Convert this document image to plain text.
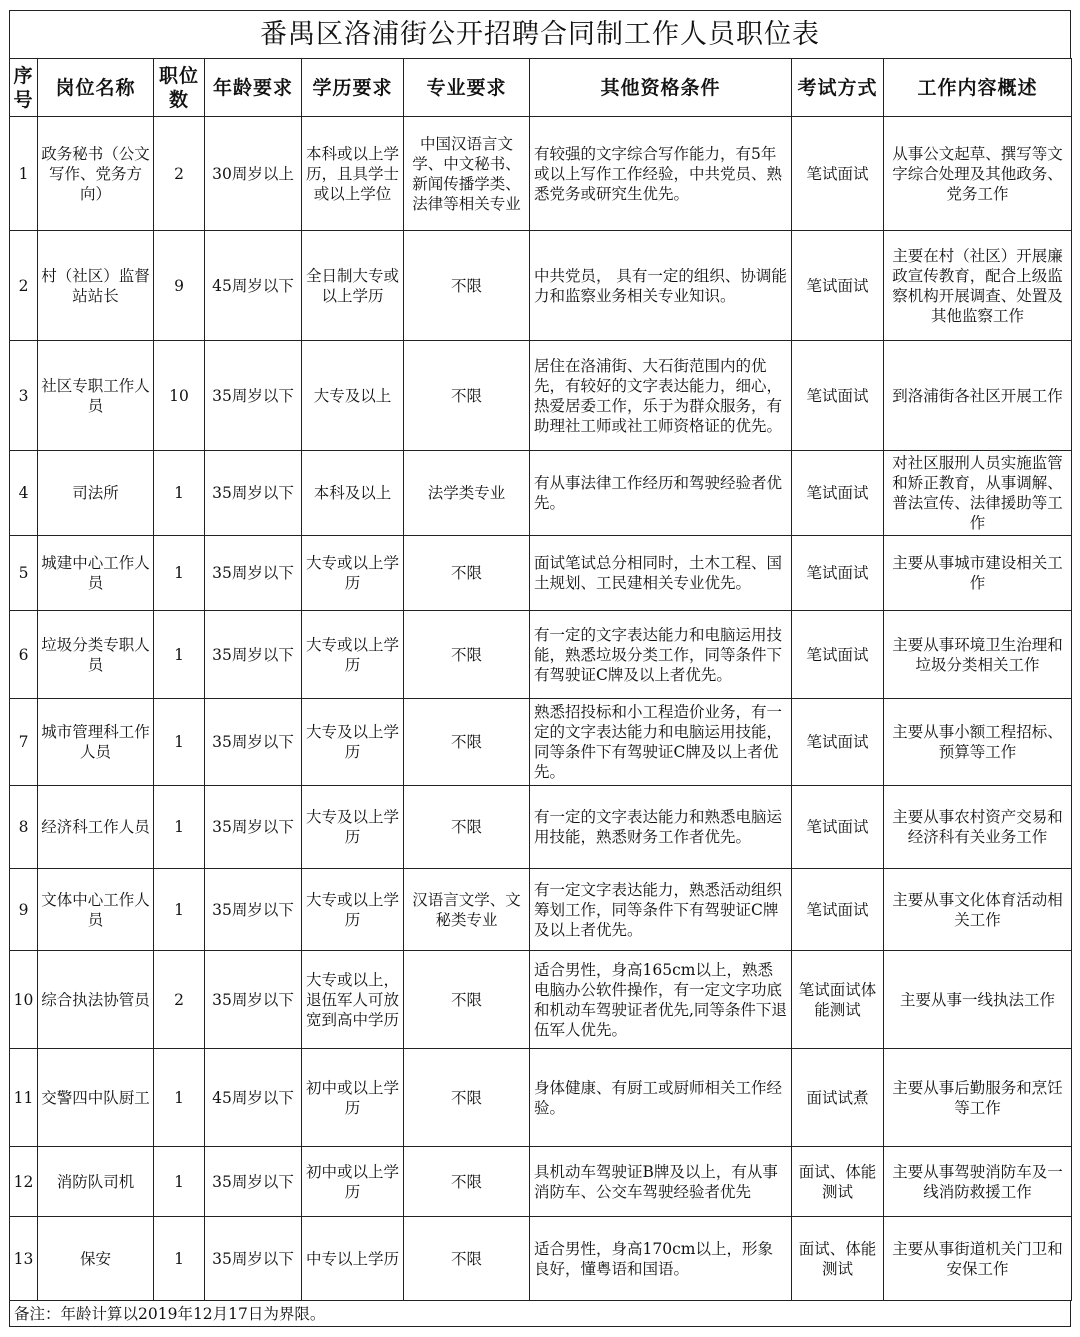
番禺区洛浦街公开招聘合同制工作人员职位表
序号	岗位名称	职位数	年龄要求	学历要求	专业要求	其他资格条件	考试方式	工作内容概述
1	政务秘书（公文写作、党务方向）	2	30周岁以上	本科或以上学历，且具学士或以上学位	中国汉语言文学、中文秘书、新闻传播学类、法律等相关专业	有较强的文字综合写作能力，有5年或以上写作工作经验，中共党员、熟悉党务或研究生优先。	笔试面试	从事公文起草、撰写等文字综合处理及其他政务、党务工作
2	村（社区）监督站站长	9	45周岁以下	全日制大专或以上学历	不限	中共党员， 具有一定的组织、协调能力和监察业务相关专业知识。	笔试面试	主要在村（社区）开展廉政宣传教育，配合上级监察机构开展调查、处置及其他监察工作
3	社区专职工作人员	10	35周岁以下	大专及以上	不限	居住在洛浦街、大石街范围内的优先，有较好的文字表达能力，细心，热爱居委工作，乐于为群众服务，有助理社工师或社工师资格证的优先。	笔试面试	到洛浦街各社区开展工作
4	司法所	1	35周岁以下	本科及以上	法学类专业	有从事法律工作经历和驾驶经验者优先。	笔试面试	对社区服刑人员实施监管和矫正教育，从事调解、普法宣传、法律援助等工作
5	城建中心工作人员	1	35周岁以下	大专或以上学历	不限	面试笔试总分相同时，土木工程、国土规划、工民建相关专业优先。	笔试面试	主要从事城市建设相关工作
6	垃圾分类专职人员	1	35周岁以下	大专或以上学历	不限	有一定的文字表达能力和电脑运用技能，熟悉垃圾分类工作，同等条件下有驾驶证C牌及以上者优先。	笔试面试	主要从事环境卫生治理和垃圾分类相关工作
7	城市管理科工作人员	1	35周岁以下	大专及以上学历	不限	熟悉招投标和小工程造价业务，有一定的文字表达能力和电脑运用技能，同等条件下有驾驶证C牌及以上者优先。	笔试面试	主要从事小额工程招标、预算等工作
8	经济科工作人员	1	35周岁以下	大专及以上学历	不限	有一定的文字表达能力和熟悉电脑运用技能，熟悉财务工作者优先。	笔试面试	主要从事农村资产交易和经济科有关业务工作
9	文体中心工作人员	1	35周岁以下	大专或以上学历	汉语言文学、文秘类专业	有一定文字表达能力，熟悉活动组织筹划工作，同等条件下有驾驶证C牌及以上者优先。	笔试面试	主要从事文化体育活动相关工作
10	综合执法协管员	2	35周岁以下	大专或以上，退伍军人可放宽到高中学历	不限	适合男性，身高165cm以上，熟悉电脑办公软件操作，有一定文字功底和机动车驾驶证者优先,同等条件下退伍军人优先。	笔试面试体能测试	主要从事一线执法工作
11	交警四中队厨工	1	45周岁以下	初中或以上学历	不限	身体健康、有厨工或厨师相关工作经验。	面试试煮	主要从事后勤服务和烹饪等工作
12	消防队司机	1	35周岁以下	初中或以上学历	不限	具机动车驾驶证B牌及以上，有从事消防车、公交车驾驶经验者优先	面试、体能测试	主要从事驾驶消防车及一线消防救援工作
13	保安	1	35周岁以下	中专以上学历	不限	适合男性，身高170cm以上，形象良好，懂粤语和国语。	面试、体能测试	主要从事街道机关门卫和安保工作
备注：年龄计算以2019年12月17日为界限。
